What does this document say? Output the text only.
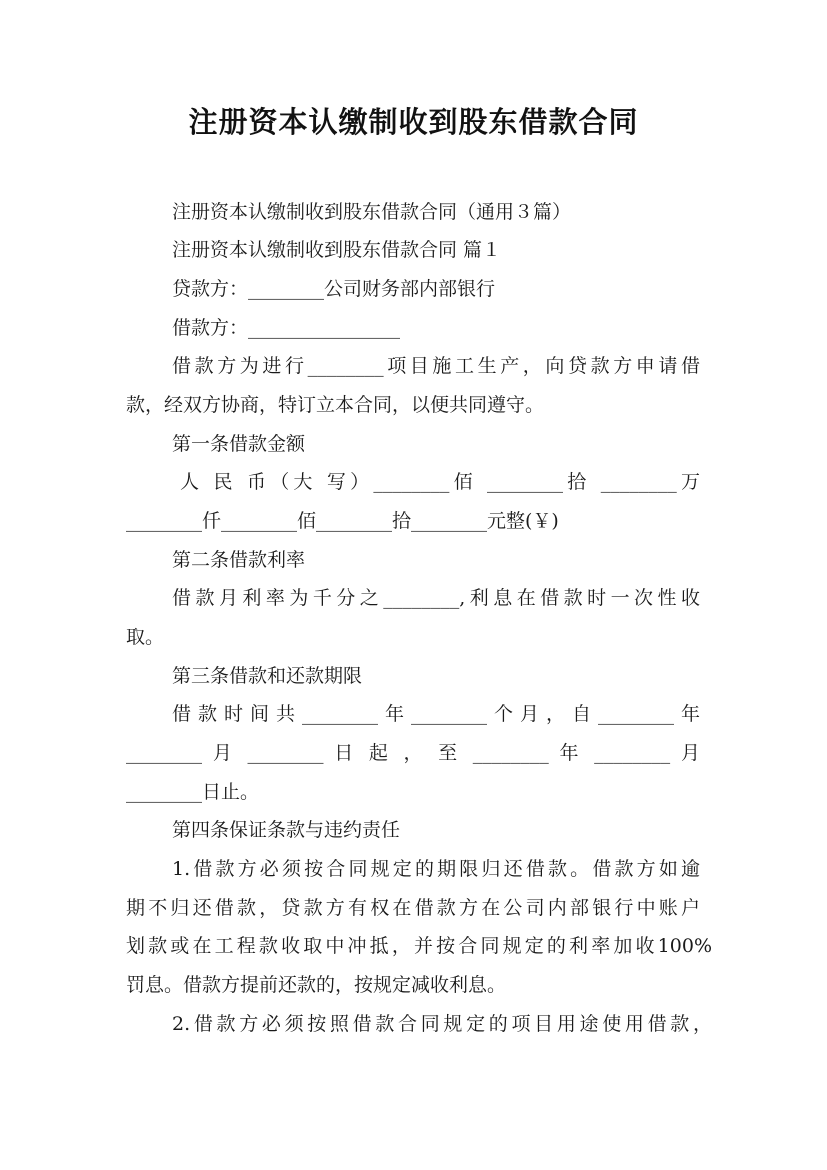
注册资本认缴制收到股东借款合同
注册资本认缴制收到股东借款合同（通用３篇）
注册资本认缴制收到股东借款合同 篇１
贷款方：________公司财务部内部银行
借款方：________________
借款方为进行________项目施工生产，向贷款方申请借
款，经双方协商，特订立本合同，以便共同遵守。
第一条借款金额
人 民 币（大 写）________佰 ________拾 ________万
________仟________佰________拾________元整(￥)
第二条借款利率
借款月利率为千分之________,利息在借款时一次性收
取。
第三条借款和还款期限
借款时间共________年________个月，自________年
________ 月 ________ 日 起 ， 至 ________ 年 ________ 月
________日止。
第四条保证条款与违约责任
1.借款方必须按合同规定的期限归还借款。借款方如逾
期不归还借款，贷款方有权在借款方在公司内部银行中账户
划款或在工程款收取中冲抵，并按合同规定的利率加收100%
罚息。借款方提前还款的，按规定减收利息。
2.借款方必须按照借款合同规定的项目用途使用借款，
